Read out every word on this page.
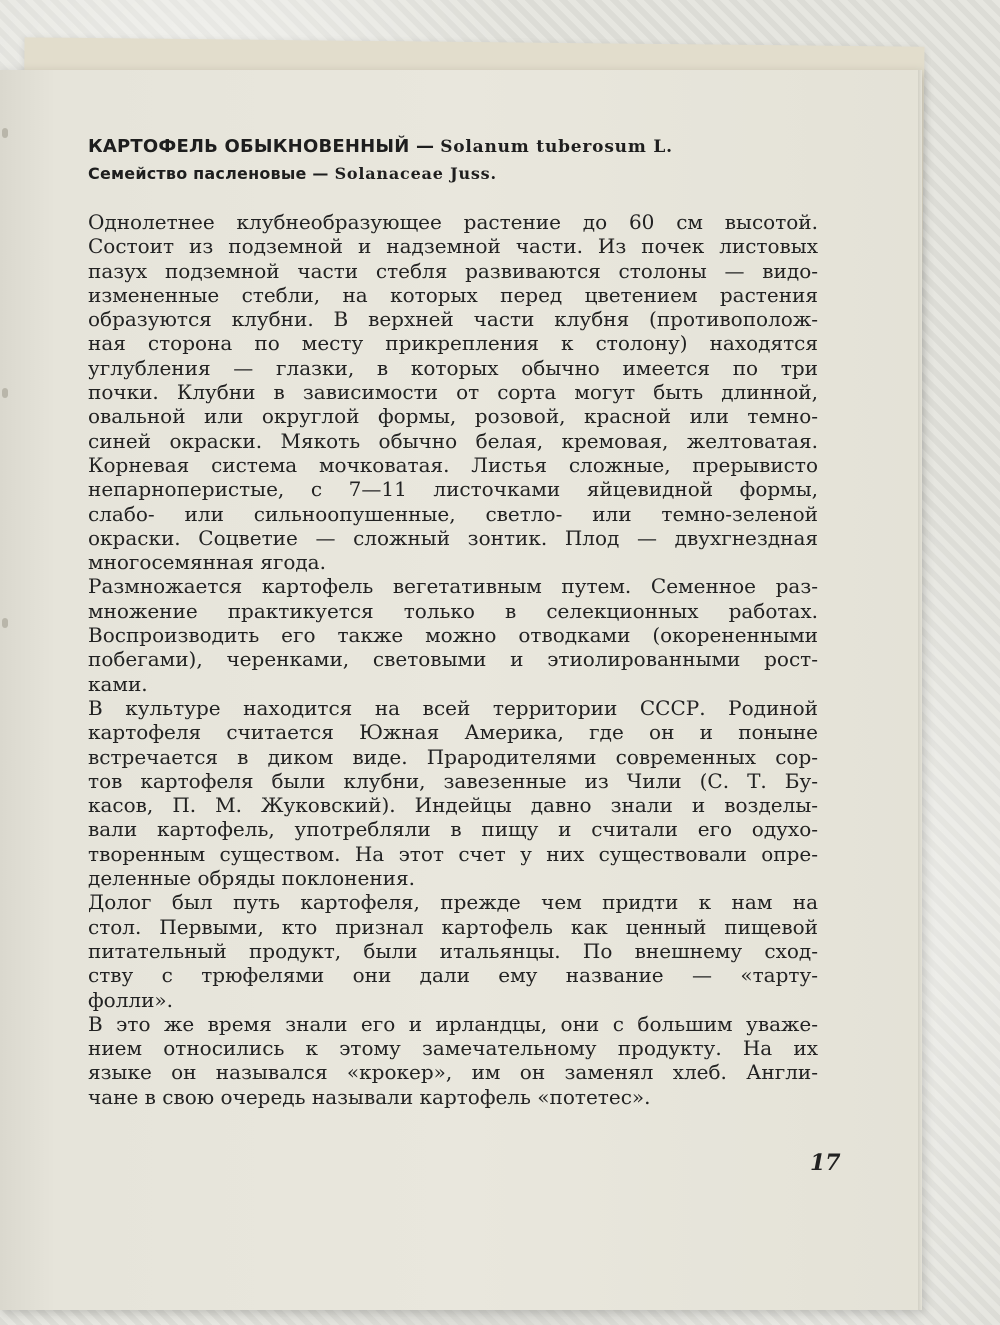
КАРТОФЕЛЬ ОБЫКНОВЕННЫЙ — Solanum tuberosum L.
Семейство пасленовые — Solanaceae Juss.
Однолетнее клубнеобразующее растение до 60 см высотой.
Состоит из подземной и надземной части. Из почек листовых
пазух подземной части стебля развиваются столоны — видо-
измененные стебли, на которых перед цветением растения
образуются клубни. В верхней части клубня (противополож-
ная сторона по месту прикрепления к столону) находятся
углубления — глазки, в которых обычно имеется по три
почки. Клубни в зависимости от сорта могут быть длинной,
овальной или округлой формы, розовой, красной или темно-
синей окраски. Мякоть обычно белая, кремовая, желтоватая.
Корневая система мочковатая. Листья сложные, прерывисто
непарноперистые, с 7—11 листочками яйцевидной формы,
слабо- или сильноопушенные, светло- или темно-зеленой
окраски. Соцветие — сложный зонтик. Плод — двухгнездная
многосемянная ягода.
Размножается картофель вегетативным путем. Семенное раз-
множение практикуется только в селекционных работах.
Воспроизводить его также можно отводками (окорененными
побегами), черенками, световыми и этиолированными рост-
ками.
В культуре находится на всей территории СССР. Родиной
картофеля считается Южная Америка, где он и поныне
встречается в диком виде. Прародителями современных сор-
тов картофеля были клубни, завезенные из Чили (С. Т. Бу-
касов, П. М. Жуковский). Индейцы давно знали и возделы-
вали картофель, употребляли в пищу и считали его одухо-
творенным существом. На этот счет у них существовали опре-
деленные обряды поклонения.
Долог был путь картофеля, прежде чем придти к нам на
стол. Первыми, кто признал картофель как ценный пищевой
питательный продукт, были итальянцы. По внешнему сход-
ству с трюфелями они дали ему название — «тарту-
фолли».
В это же время знали его и ирландцы, они с большим уваже-
нием относились к этому замечательному продукту. На их
языке он назывался «крокер», им он заменял хлеб. Англи-
чане в свою очередь называли картофель «потетес».
17
